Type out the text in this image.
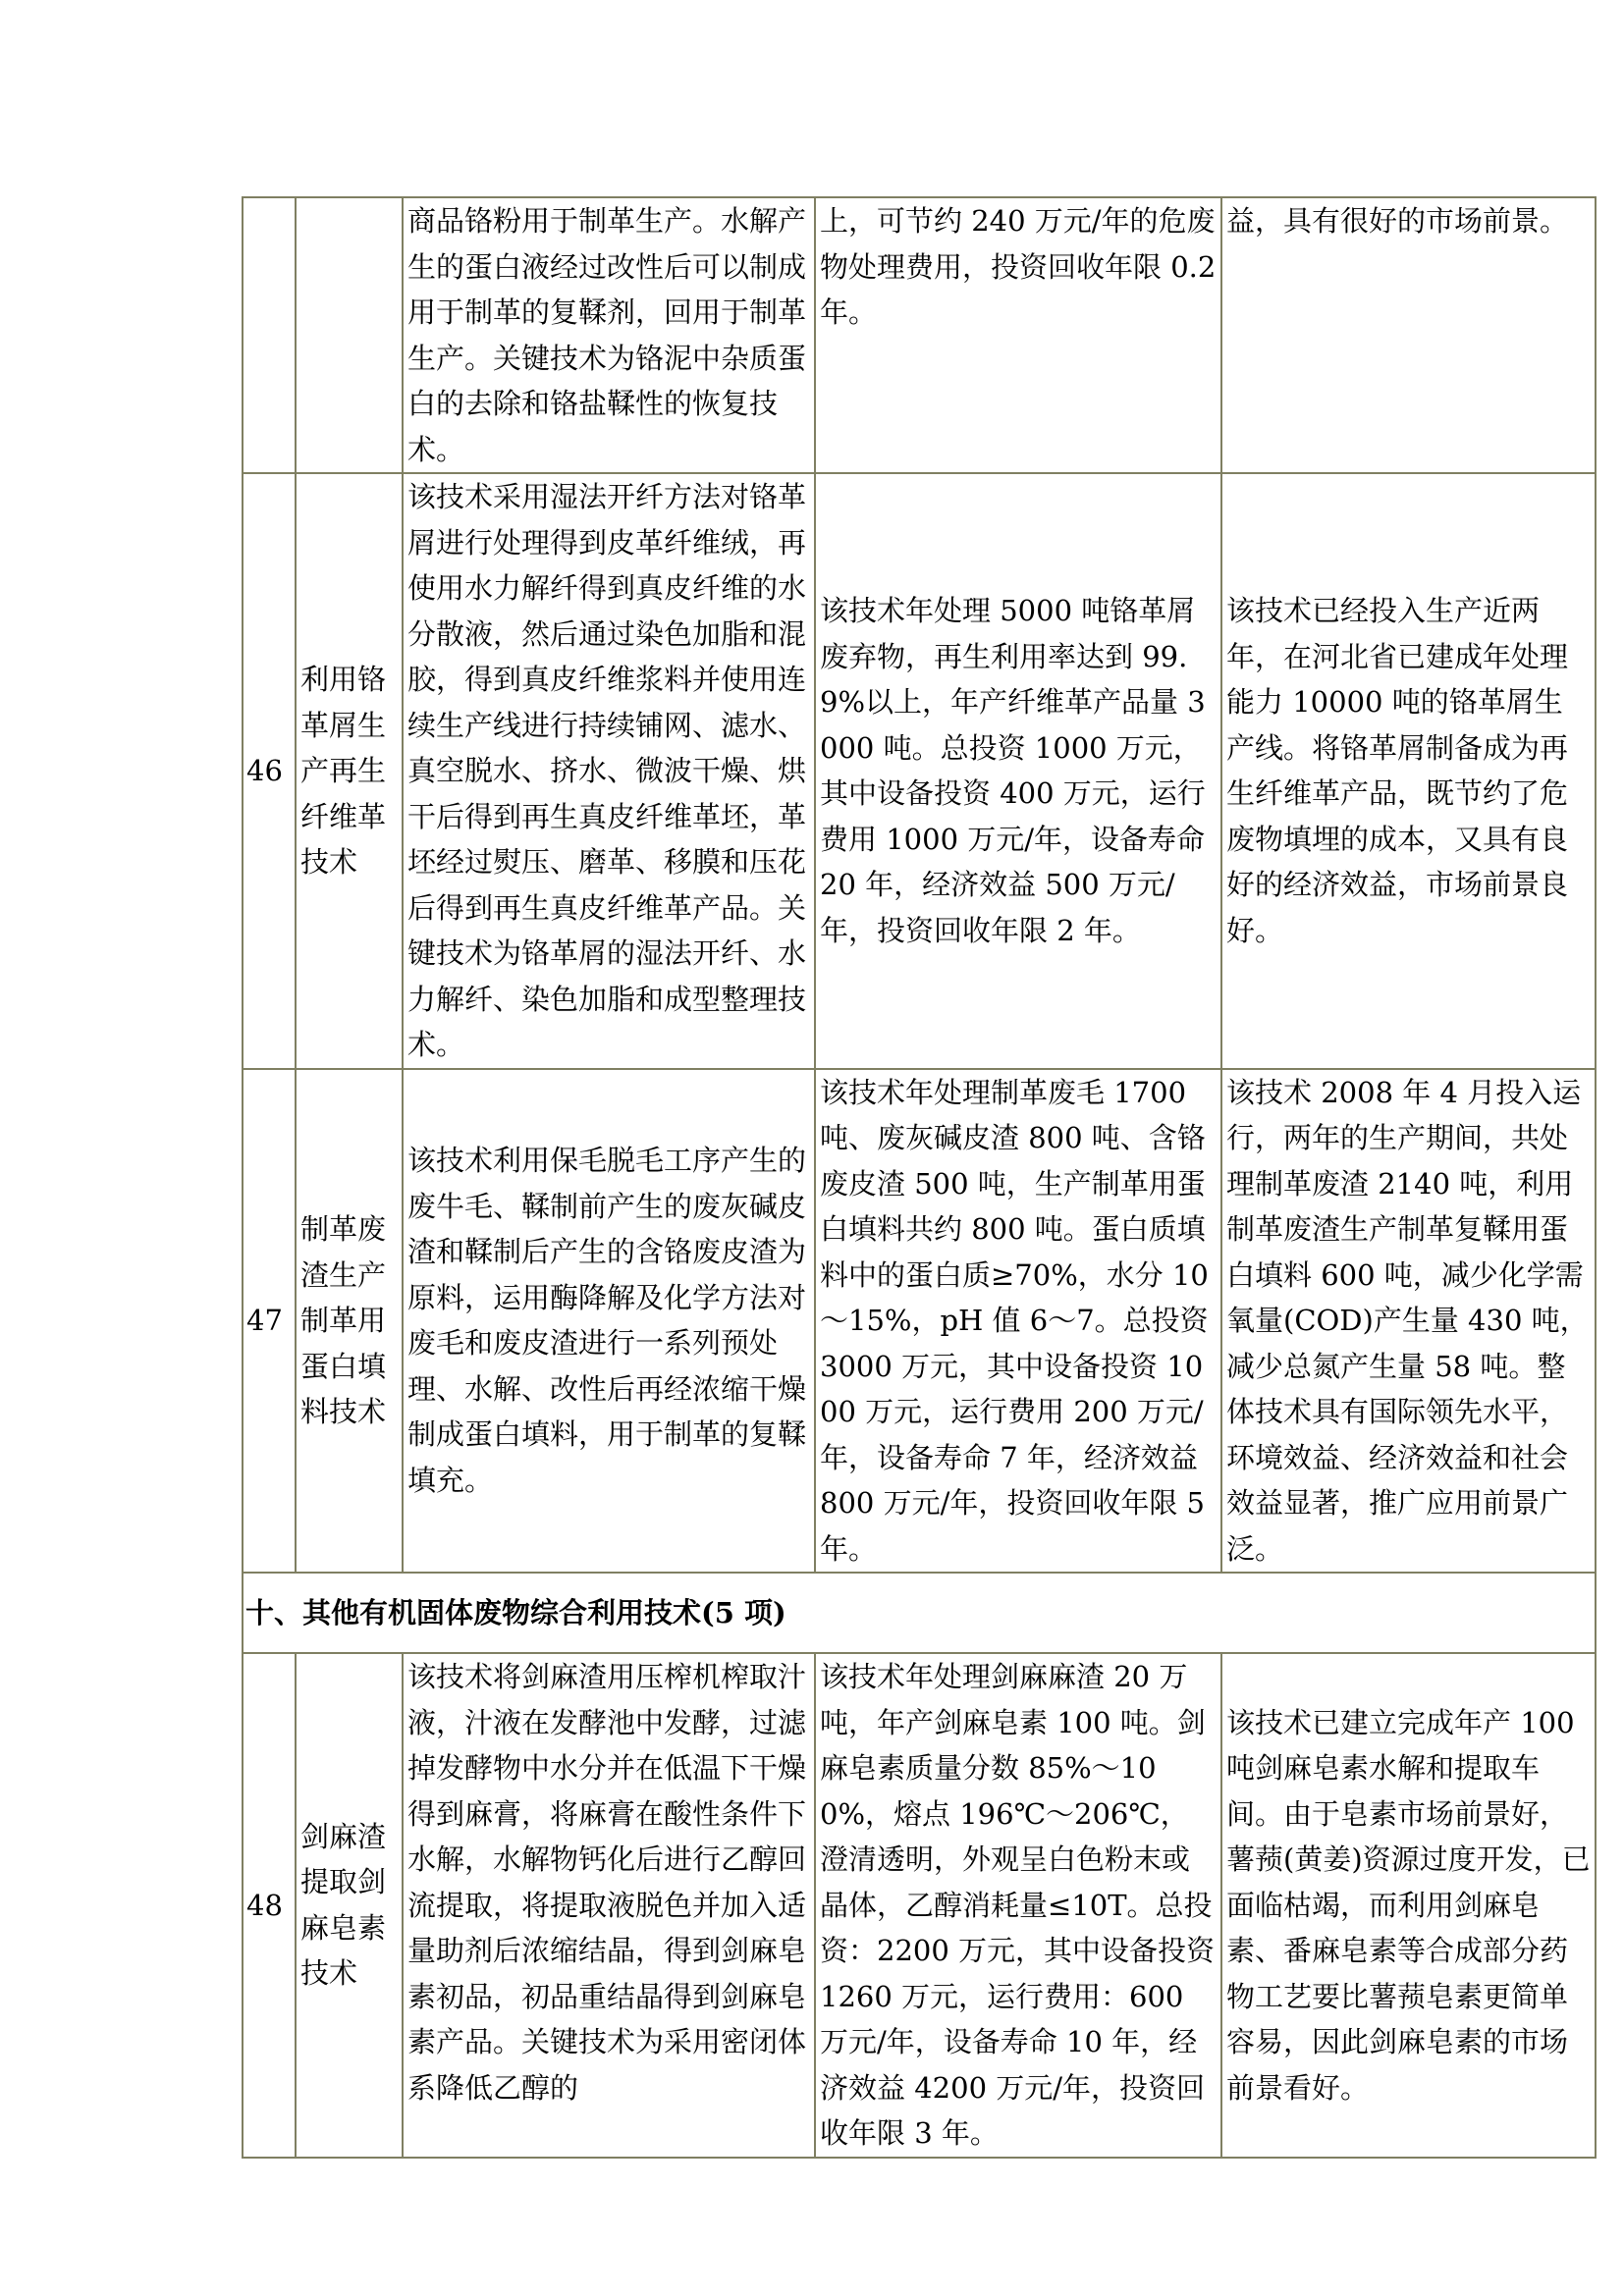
		商品铬粉用于制革生产。水解产生的蛋白液经过改性后可以制成用于制革的复鞣剂，回用于制革生产。关键技术为铬泥中杂质蛋白的去除和铬盐鞣性的恢复技术。	上，可节约 240 万元/年的危废物处理费用，投资回收年限 0.2 年。	益，具有很好的市场前景。

46	利用铬革屑生产再生纤维革技术	该技术采用湿法开纤方法对铬革屑进行处理得到皮革纤维绒，再使用水力解纤得到真皮纤维的水分散液，然后通过染色加脂和混胶，得到真皮纤维浆料并使用连续生产线进行持续铺网、滤水、真空脱水、挤水、微波干燥、烘干后得到再生真皮纤维革坯，革坯经过熨压、磨革、移膜和压花后得到再生真皮纤维革产品。关键技术为铬革屑的湿法开纤、水力解纤、染色加脂和成型整理技术。	该技术年处理 5000 吨铬革屑废弃物，再生利用率达到 99.9%以上，年产纤维革产品量 3000 吨。总投资 1000 万元，其中设备投资 400 万元，运行费用 1000 万元/年，设备寿命 20 年，经济效益 500 万元/年，投资回收年限 2 年。	该技术已经投入生产近两年，在河北省已建成年处理能力 10000 吨的铬革屑生产线。将铬革屑制备成为再生纤维革产品，既节约了危废物填埋的成本，又具有良好的经济效益，市场前景良好。

47	制革废渣生产制革用蛋白填料技术	该技术利用保毛脱毛工序产生的废牛毛、鞣制前产生的废灰碱皮渣和鞣制后产生的含铬废皮渣为原料，运用酶降解及化学方法对废毛和废皮渣进行一系列预处理、水解、改性后再经浓缩干燥制成蛋白填料，用于制革的复鞣填充。	该技术年处理制革废毛 1700 吨、废灰碱皮渣 800 吨、含铬废皮渣 500 吨，生产制革用蛋白填料共约 800 吨。蛋白质填料中的蛋白质≥70%，水分 10～15%，pH 值 6～7。总投资 3000 万元，其中设备投资 1000 万元，运行费用 200 万元/年，设备寿命 7 年，经济效益 800 万元/年，投资回收年限 5 年。	该技术 2008 年 4 月投入运行，两年的生产期间，共处理制革废渣 2140 吨，利用制革废渣生产制革复鞣用蛋白填料 600 吨，减少化学需氧量(COD)产生量 430 吨，减少总氮产生量 58 吨。整体技术具有国际领先水平，环境效益、经济效益和社会效益显著，推广应用前景广泛。

十、其他有机固体废物综合利用技术(5 项)				
48	剑麻渣提取剑麻皂素技术	该技术将剑麻渣用压榨机榨取汁液，汁液在发酵池中发酵，过滤掉发酵物中水分并在低温下干燥得到麻膏，将麻膏在酸性条件下水解，水解物钙化后进行乙醇回流提取，将提取液脱色并加入适量助剂后浓缩结晶，得到剑麻皂素初品，初品重结晶得到剑麻皂素产品。关键技术为采用密闭体系降低乙醇的	该技术年处理剑麻麻渣 20 万吨，年产剑麻皂素 100 吨。剑麻皂素质量分数 85%～100%，熔点 196℃～206℃，澄清透明，外观呈白色粉末或晶体，乙醇消耗量≤10T。总投资：2200 万元，其中设备投资 1260 万元，运行费用：600 万元/年，设备寿命 10 年，经济效益 4200 万元/年，投资回收年限 3 年。	该技术已建立完成年产 100 吨剑麻皂素水解和提取车间。由于皂素市场前景好，薯蓣(黄姜)资源过度开发，已面临枯竭，而利用剑麻皂素、番麻皂素等合成部分药物工艺要比薯蓣皂素更简单容易，因此剑麻皂素的市场前景看好。
